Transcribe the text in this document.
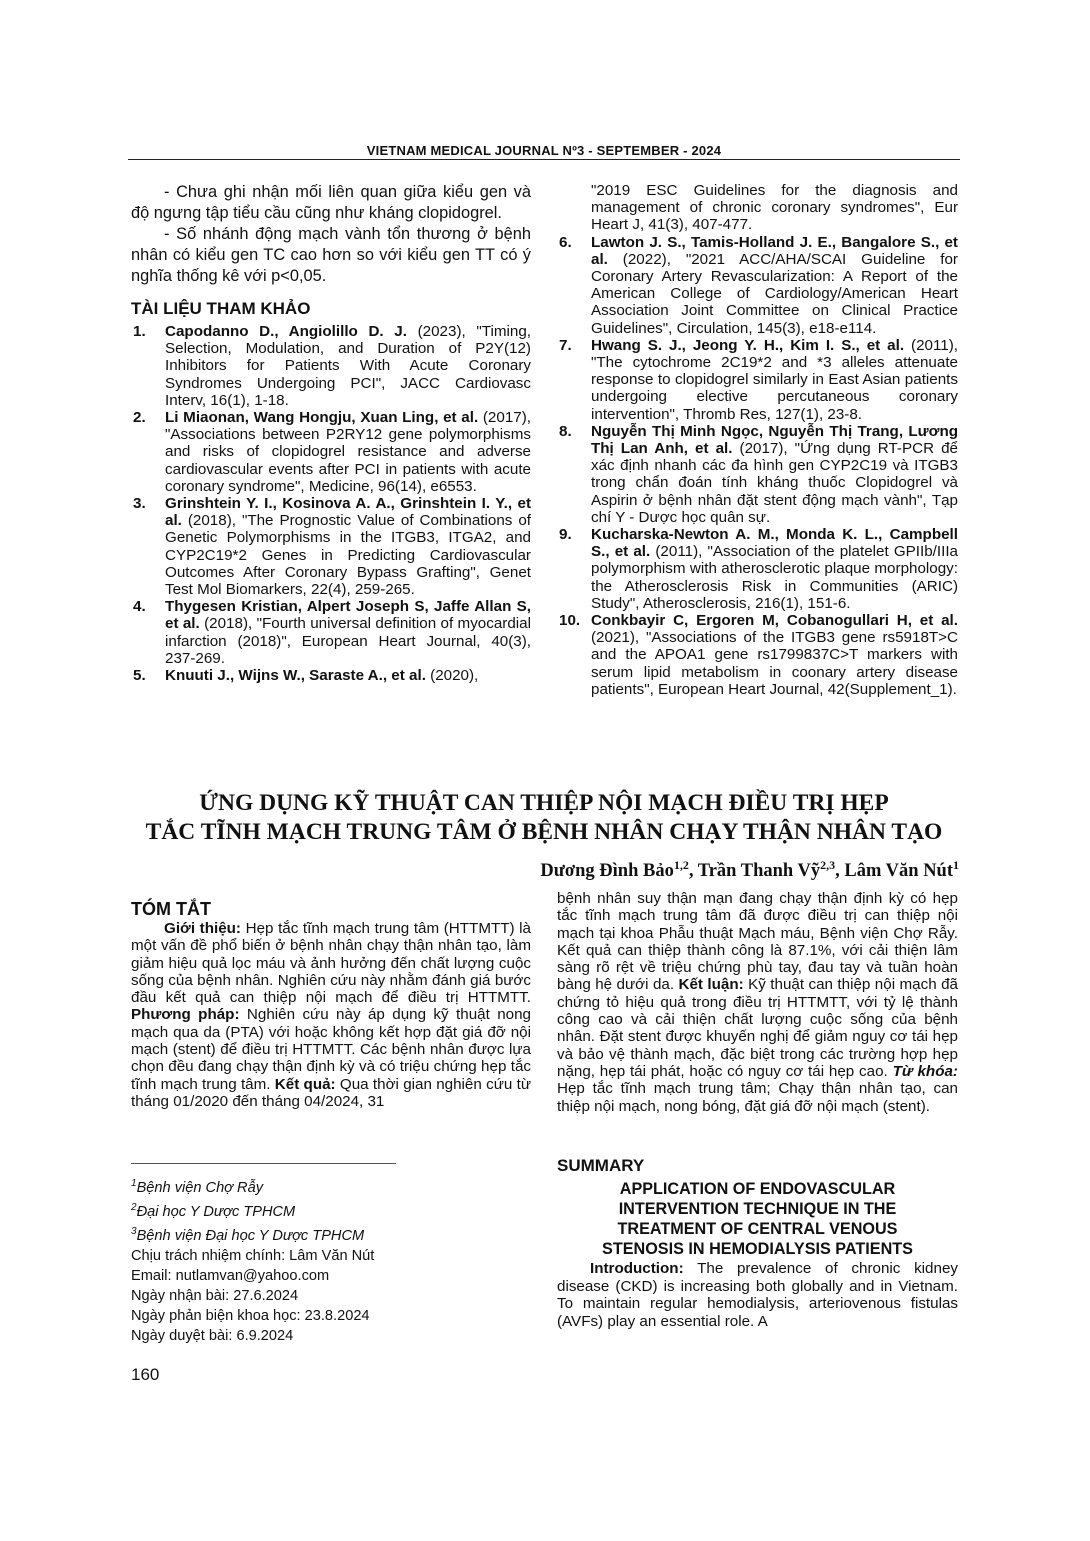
VIETNAM MEDICAL JOURNAL Nº3 - SEPTEMBER - 2024

- Chưa ghi nhận mối liên quan giữa kiểu gen và độ ngưng tập tiểu cầu cũng như kháng clopidogrel.

- Số nhánh động mạch vành tổn thương ở bệnh nhân có kiểu gen TC cao hơn so với kiểu gen TT có ý nghĩa thống kê với p<0,05.

TÀI LIỆU THAM KHẢO
1. Capodanno D., Angiolillo D. J. (2023), "Timing, Selection, Modulation, and Duration of P2Y(12) Inhibitors for Patients With Acute Coronary Syndromes Undergoing PCI", JACC Cardiovasc Interv, 16(1), 1-18.
2. Li Miaonan, Wang Hongju, Xuan Ling, et al. (2017), "Associations between P2RY12 gene polymorphisms and risks of clopidogrel resistance and adverse cardiovascular events after PCI in patients with acute coronary syndrome", Medicine, 96(14), e6553.
3. Grinshtein Y. I., Kosinova A. A., Grinshtein I. Y., et al. (2018), "The Prognostic Value of Combinations of Genetic Polymorphisms in the ITGB3, ITGA2, and CYP2C19*2 Genes in Predicting Cardiovascular Outcomes After Coronary Bypass Grafting", Genet Test Mol Biomarkers, 22(4), 259-265.
4. Thygesen Kristian, Alpert Joseph S, Jaffe Allan S, et al. (2018), "Fourth universal definition of myocardial infarction (2018)", European Heart Journal, 40(3), 237-269.
5. Knuuti J., Wijns W., Saraste A., et al. (2020),
"2019 ESC Guidelines for the diagnosis and management of chronic coronary syndromes", Eur Heart J, 41(3), 407-477.
6. Lawton J. S., Tamis-Holland J. E., Bangalore S., et al. (2022), "2021 ACC/AHA/SCAI Guideline for Coronary Artery Revascularization: A Report of the American College of Cardiology/American Heart Association Joint Committee on Clinical Practice Guidelines", Circulation, 145(3), e18-e114.
7. Hwang S. J., Jeong Y. H., Kim I. S., et al. (2011), "The cytochrome 2C19*2 and *3 alleles attenuate response to clopidogrel similarly in East Asian patients undergoing elective percutaneous coronary intervention", Thromb Res, 127(1), 23-8.
8. Nguyễn Thị Minh Ngọc, Nguyễn Thị Trang, Lương Thị Lan Anh, et al. (2017), "Ứng dụng RT-PCR để xác định nhanh các đa hình gen CYP2C19 và ITGB3 trong chẩn đoán tính kháng thuốc Clopidogrel và Aspirin ở bệnh nhân đặt stent động mạch vành", Tạp chí Y - Dược học quân sự.
9. Kucharska-Newton A. M., Monda K. L., Campbell S., et al. (2011), "Association of the platelet GPIIb/IIIa polymorphism with atherosclerotic plaque morphology: the Atherosclerosis Risk in Communities (ARIC) Study", Atherosclerosis, 216(1), 151-6.
10. Conkbayir C, Ergoren M, Cobanogullari H, et al. (2021), "Associations of the ITGB3 gene rs5918T>C and the APOA1 gene rs1799837C>T markers with serum lipid metabolism in coonary artery disease patients", European Heart Journal, 42(Supplement_1).
ỨNG DỤNG KỸ THUẬT CAN THIỆP NỘI MẠCH ĐIỀU TRỊ HẸP
TẮC TĨNH MẠCH TRUNG TÂM Ở BỆNH NHÂN CHẠY THẬN NHÂN TẠO
Dương Đình Bảo$^{1,2}$, Trần Thanh Vỹ$^{2,3}$, Lâm Văn Nút$^1$
TÓM TẮT
Giới thiệu: Hẹp tắc tĩnh mạch trung tâm (HTTMTT) là một vấn đề phổ biến ở bệnh nhân chạy thận nhân tạo, làm giảm hiệu quả lọc máu và ảnh hưởng đến chất lượng cuộc sống của bệnh nhân. Nghiên cứu này nhằm đánh giá bước đầu kết quả can thiệp nội mạch để điều trị HTTMTT. Phương pháp: Nghiên cứu này áp dụng kỹ thuật nong mạch qua da (PTA) với hoặc không kết hợp đặt giá đỡ nội mạch (stent) để điều trị HTTMTT. Các bệnh nhân được lựa chọn đều đang chạy thận định kỳ và có triệu chứng hẹp tắc tĩnh mạch trung tâm. Kết quả: Qua thời gian nghiên cứu từ tháng 01/2020 đến tháng 04/2024, 31
bệnh nhân suy thận mạn đang chạy thận định kỳ có hẹp tắc tĩnh mạch trung tâm đã được điều trị can thiệp nội mạch tại khoa Phẫu thuật Mạch máu, Bệnh viện Chợ Rẫy. Kết quả can thiệp thành công là 87.1%, với cải thiện lâm sàng rõ rệt về triệu chứng phù tay, đau tay và tuần hoàn bàng hệ dưới da. Kết luận: Kỹ thuật can thiệp nội mạch đã chứng tỏ hiệu quả trong điều trị HTTMTT, với tỷ lệ thành công cao và cải thiện chất lượng cuộc sống của bệnh nhân. Đặt stent được khuyến nghị để giảm nguy cơ tái hẹp và bảo vệ thành mạch, đặc biệt trong các trường hợp hẹp nặng, hẹp tái phát, hoặc có nguy cơ tái hẹp cao. Từ khóa: Hẹp tắc tĩnh mạch trung tâm; Chạy thận nhân tạo, can thiệp nội mạch, nong bóng, đặt giá đỡ nội mạch (stent).
$^1$Bệnh viện Chợ Rẫy
$^2$Đại học Y Dược TPHCM
$^3$Bệnh viện Đại học Y Dược TPHCM
Chịu trách nhiệm chính: Lâm Văn Nút
Email: nutlamvan@yahoo.com
Ngày nhận bài: 27.6.2024
Ngày phản biện khoa học: 23.8.2024
Ngày duyệt bài: 6.9.2024
SUMMARY
APPLICATION OF ENDOVASCULAR
INTERVENTION TECHNIQUE IN THE
TREATMENT OF CENTRAL VENOUS
STENOSIS IN HEMODIALYSIS PATIENTS
Introduction: The prevalence of chronic kidney disease (CKD) is increasing both globally and in Vietnam. To maintain regular hemodialysis, arteriovenous fistulas (AVFs) play an essential role. A
160
